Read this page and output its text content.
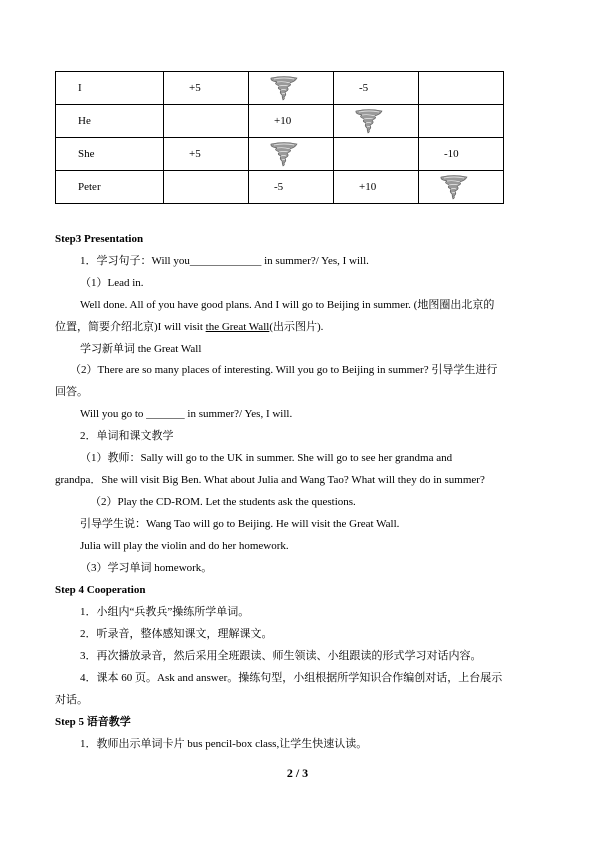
I	+5		-5	

He		+10

She	+5			-10

Peter		-5	+10

Step3 Presentation
1．学习句子：Will you_____________ in summer?/ Yes, I will.
（1）Lead in.
Well done. All of you have good plans. And I will go to Beijing in summer. (地图圈出北京的
位置，简要介绍北京)I will visit the Great Wall(出示图片).
学习新单词 the Great Wall
（2）There are so many places of interesting. Will you go to Beijing in summer? 引导学生进行
回答。
Will you go to _______ in summer?/ Yes, I will.
2．单词和课文教学
（1）教师：Sally will go to the UK in summer. She will go to see her grandma and
grandpa．She will visit Big Ben. What about Julia and Wang Tao? What will they do in summer?
（2）Play the CD-ROM. Let the students ask the questions.
引导学生说：Wang Tao will go to Beijing. He will visit the Great Wall.
Julia will play the violin and do her homework.
（3）学习单词 homework。
Step 4 Cooperation
1．小组内“兵教兵”操练所学单词。
2．听录音，整体感知课文，理解课文。
3．再次播放录音，然后采用全班跟读、师生领读、小组跟读的形式学习对话内容。
4．课本 60 页。Ask and answer。操练句型，小组根据所学知识合作编创对话，上台展示
对话。
Step 5 语音教学
1．教师出示单词卡片 bus pencil-box class,让学生快速认读。
2 / 3
